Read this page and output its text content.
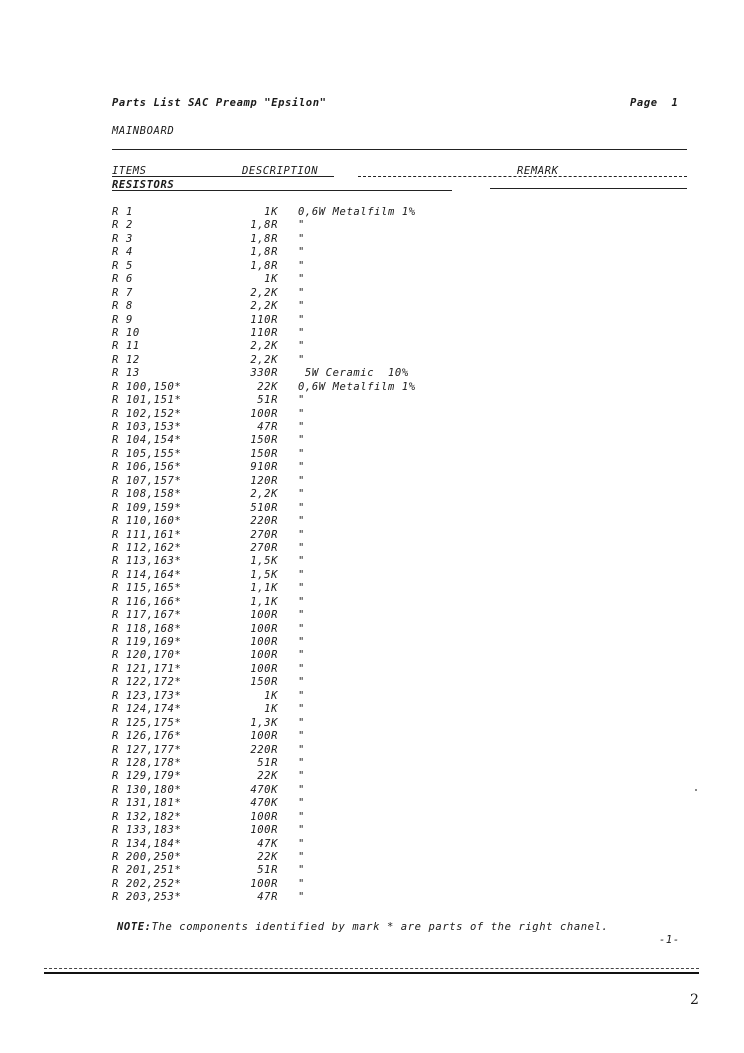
Parts List SAC Preamp "Epsilon"	Page  1
MAINBOARD
ITEMS	DESCRIPTION	REMARK
RESISTORS
R 1	1K 0,6W Metalfilm 1%
R 2	1,8R "
R 3	1,8R "
R 4	1,8R "
R 5	1,8R "
R 6	1K "
R 7	2,2K "
R 8	2,2K "
R 9	110R "
R 10	110R "
R 11	2,2K "
R 12	2,2K "
R 13	330R 5W Ceramic  10%
R 100,150*	22K 0,6W Metalfilm 1%
R 101,151*	51R "
R 102,152*	100R "
R 103,153*	47R "
R 104,154*	150R "
R 105,155*	150R "
R 106,156*	910R "
R 107,157*	120R "
R 108,158*	2,2K "
R 109,159*	510R "
R 110,160*	220R "
R 111,161*	270R "
R 112,162*	270R "
R 113,163*	1,5K "
R 114,164*	1,5K "
R 115,165*	1,1K "
R 116,166*	1,1K "
R 117,167*	100R "
R 118,168*	100R "
R 119,169*	100R "
R 120,170*	100R "
R 121,171*	100R "
R 122,172*	150R "
R 123,173*	1K "
R 124,174*	1K "
R 125,175*	1,3K "
R 126,176*	100R "
R 127,177*	220R "
R 128,178*	51R "
R 129,179*	22K "
R 130,180*	470K "
R 131,181*	470K "
R 132,182*	100R "
R 133,183*	100R "
R 134,184*	47K "
R 200,250*	22K "
R 201,251*	51R "
R 202,252*	100R "
R 203,253*	47R "
NOTE:The components identified by mark * are parts of the right chanel.
-1-
2
